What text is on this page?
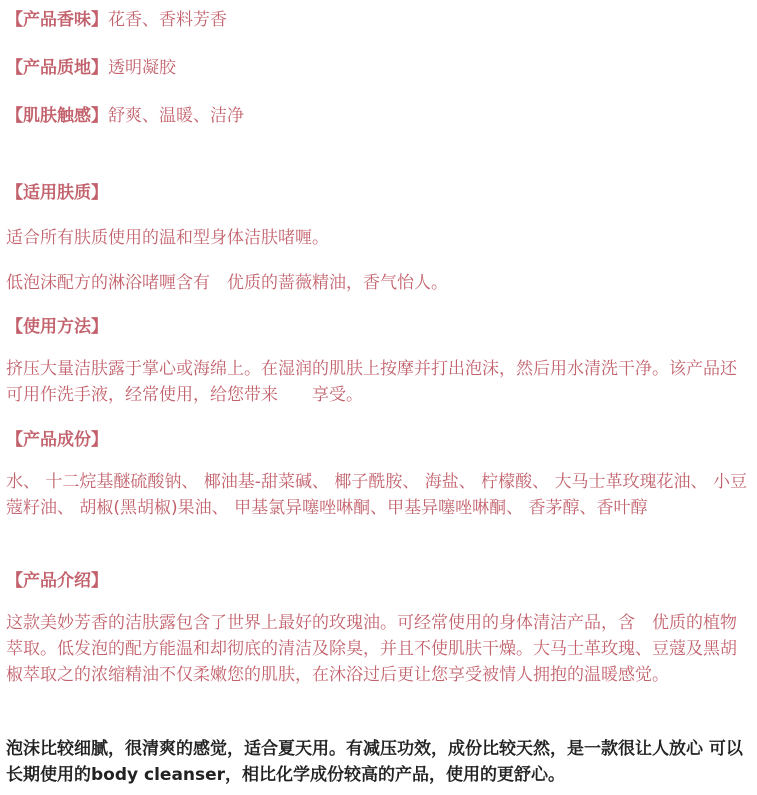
【产品香味】花香、香料芳香
【产品质地】透明凝胶
【肌肤触感】舒爽、温暖、洁净
【适用肤质】
适合所有肤质使用的温和型身体洁肤啫喱。
低泡沫配方的淋浴啫喱含有　优质的蔷薇精油，香气怡人。
【使用方法】
挤压大量洁肤露于掌心或海绵上。在湿润的肌肤上按摩并打出泡沫，然后用水清洗干净。该产品还可用作洗手液，经常使用，给您带来　　享受。
【产品成份】
水、 十二烷基醚硫酸钠、 椰油基-甜菜碱、 椰子酰胺、 海盐、 柠檬酸、 大马士革玫瑰花油、 小豆蔻籽油、 胡椒(黑胡椒)果油、 甲基氯异噻唑啉酮、甲基异噻唑啉酮、 香茅醇、香叶醇
【产品介绍】
这款美妙芳香的洁肤露包含了世界上最好的玫瑰油。可经常使用的身体清洁产品，含　优质的植物萃取。低发泡的配方能温和却彻底的清洁及除臭，并且不使肌肤干燥。大马士革玫瑰、豆蔻及黑胡椒萃取之的浓缩精油不仅柔嫩您的肌肤，在沐浴过后更让您享受被情人拥抱的温暖感觉。
泡沫比较细腻，很清爽的感觉，适合夏天用。有减压功效，成份比较天然，是一款很让人放心 可以长期使用的body cleanser，相比化学成份较高的产品，使用的更舒心。
